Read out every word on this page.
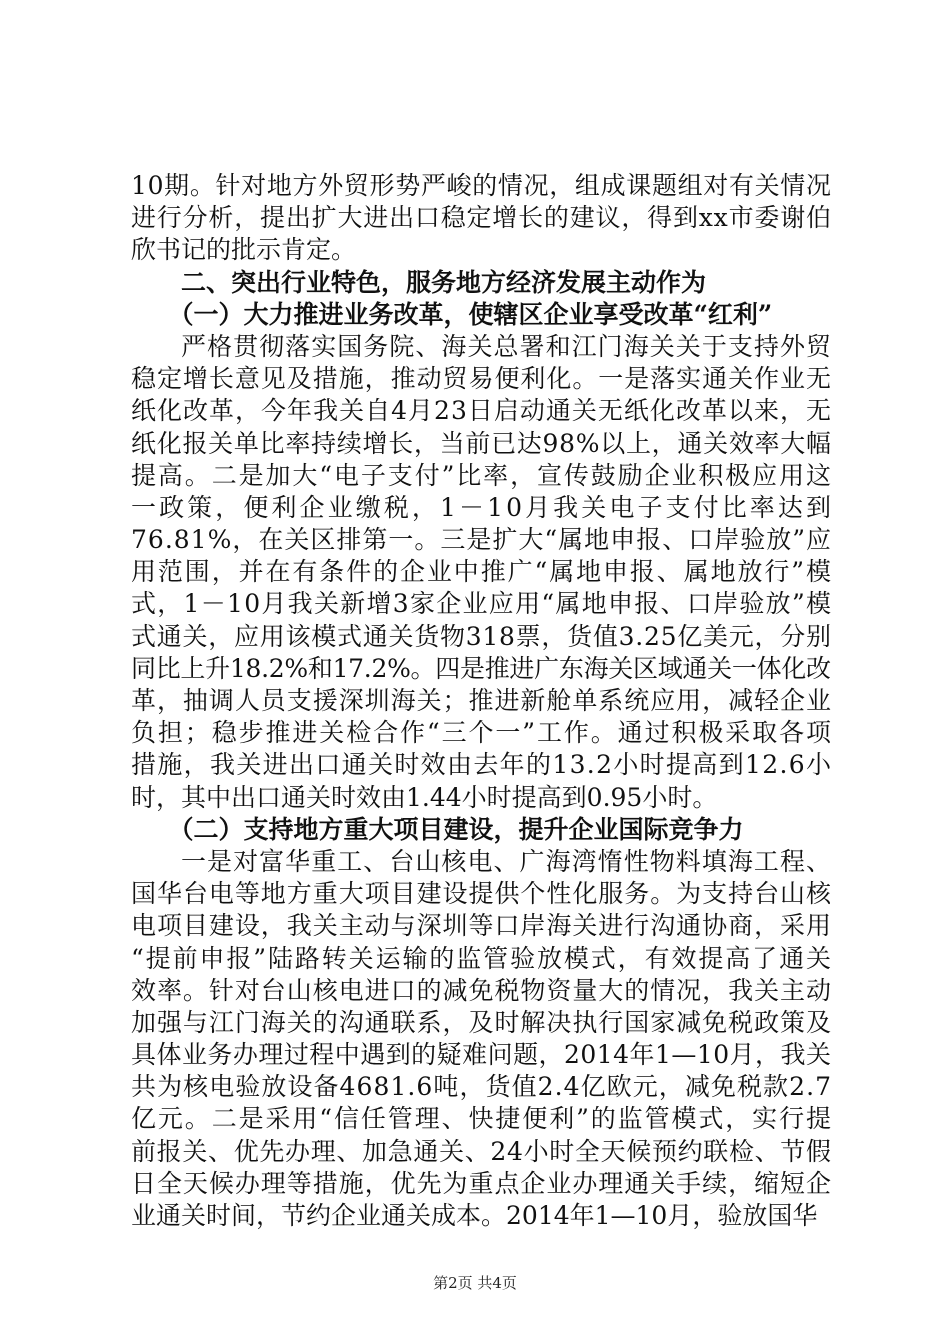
10期。针对地方外贸形势严峻的情况，组成课题组对有关情况
进行分析，提出扩大进出口稳定增长的建议，得到xx市委谢伯
欣书记的批示肯定。
二、突出行业特色，服务地方经济发展主动作为
（一）大力推进业务改革，使辖区企业享受改革“红利”
严格贯彻落实国务院、海关总署和江门海关关于支持外贸
稳定增长意见及措施，推动贸易便利化。一是落实通关作业无
纸化改革，今年我关自4月23日启动通关无纸化改革以来，无
纸化报关单比率持续增长，当前已达98%以上，通关效率大幅
提高。二是加大“电子支付”比率，宣传鼓励企业积极应用这
一政策，便利企业缴税，1－10月我关电子支付比率达到
76.81%，在关区排第一。三是扩大“属地申报、口岸验放”应
用范围，并在有条件的企业中推广“属地申报、属地放行”模
式，1－10月我关新增3家企业应用“属地申报、口岸验放”模
式通关，应用该模式通关货物318票，货值3.25亿美元，分别
同比上升18.2%和17.2%。四是推进广东海关区域通关一体化改
革，抽调人员支援深圳海关；推进新舱单系统应用，减轻企业
负担；稳步推进关检合作“三个一”工作。通过积极采取各项
措施，我关进出口通关时效由去年的13.2小时提高到12.6小
时，其中出口通关时效由1.44小时提高到0.95小时。
（二）支持地方重大项目建设，提升企业国际竞争力
一是对富华重工、台山核电、广海湾惰性物料填海工程、
国华台电等地方重大项目建设提供个性化服务。为支持台山核
电项目建设，我关主动与深圳等口岸海关进行沟通协商，采用
“提前申报”陆路转关运输的监管验放模式，有效提高了通关
效率。针对台山核电进口的减免税物资量大的情况，我关主动
加强与江门海关的沟通联系，及时解决执行国家减免税政策及
具体业务办理过程中遇到的疑难问题，2014年1—10月，我关
共为核电验放设备4681.6吨，货值2.4亿欧元，减免税款2.7
亿元。二是采用“信任管理、快捷便利”的监管模式，实行提
前报关、优先办理、加急通关、24小时全天候预约联检、节假
日全天候办理等措施，优先为重点企业办理通关手续，缩短企
业通关时间，节约企业通关成本。2014年1—10月，验放国华
第2页 共4页
